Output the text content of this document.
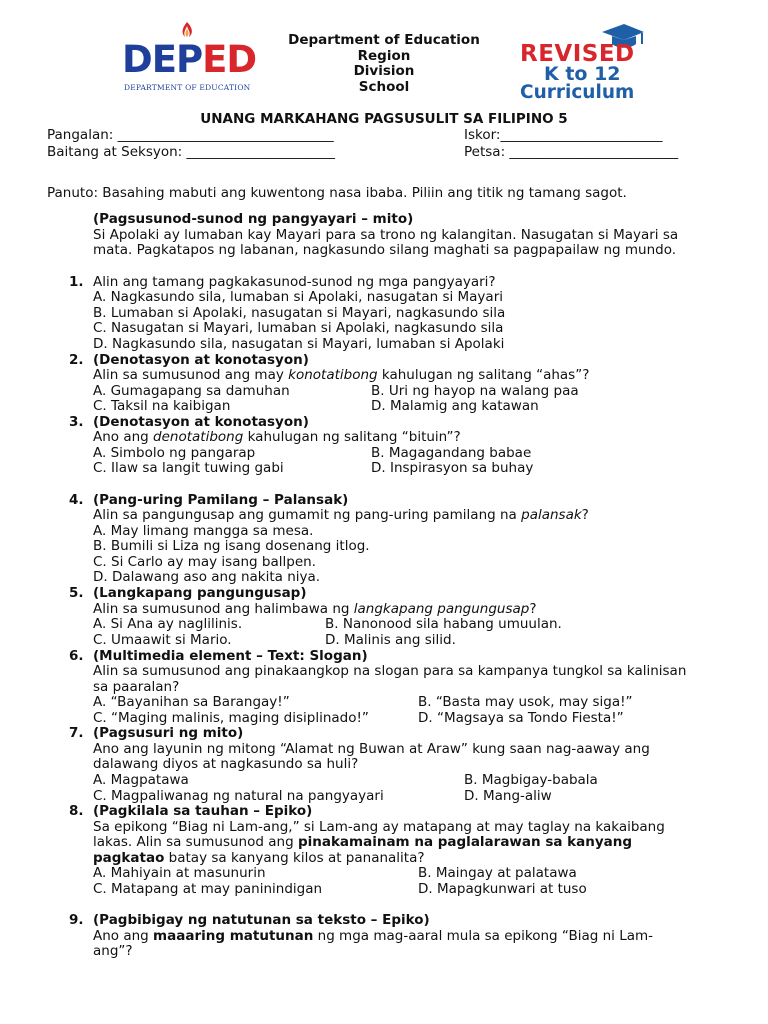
DEPED
DEPARTMENT OF EDUCATION
Department of Education
Region
Division
School
REVISED
K to 12
Curriculum
UNANG MARKAHANG PAGSUSULIT SA FILIPINO 5
Pangalan: ________________________________	Iskor:________________________
Baitang at Seksyon: ______________________	Petsa: _________________________
Panuto: Basahing mabuti ang kuwentong nasa ibaba. Piliin ang titik ng tamang sagot.
(Pagsusunod-sunod ng pangyayari – mito)
Si Apolaki ay lumaban kay Mayari para sa trono ng kalangitan. Nasugatan si Mayari sa
mata. Pagkatapos ng labanan, nagkasundo silang maghati sa pagpapailaw ng mundo.
1. Alin ang tamang pagkakasunod-sunod ng mga pangyayari?
A. Nagkasundo sila, lumaban si Apolaki, nasugatan si Mayari
B. Lumaban si Apolaki, nasugatan si Mayari, nagkasundo sila
C. Nasugatan si Mayari, lumaban si Apolaki, nagkasundo sila
D. Nagkasundo sila, nasugatan si Mayari, lumaban si Apolaki
2. (Denotasyon at konotasyon)
Alin sa sumusunod ang may konotatibong kahulugan ng salitang “ahas”?
A. Gumagapang sa damuhan	B. Uri ng hayop na walang paa
C. Taksil na kaibigan	D. Malamig ang katawan
3. (Denotasyon at konotasyon)
Ano ang denotatibong kahulugan ng salitang “bituin”?
A. Simbolo ng pangarap	B. Magagandang babae
C. Ilaw sa langit tuwing gabi	D. Inspirasyon sa buhay
4. (Pang-uring Pamilang – Palansak)
Alin sa pangungusap ang gumamit ng pang-uring pamilang na palansak?
A. May limang mangga sa mesa.
B. Bumili si Liza ng isang dosenang itlog.
C. Si Carlo ay may isang ballpen.
D. Dalawang aso ang nakita niya.
5. (Langkapang pangungusap)
Alin sa sumusunod ang halimbawa ng langkapang pangungusap?
A. Si Ana ay naglilinis.	B. Nanonood sila habang umuulan.
C. Umaawit si Mario.	D. Malinis ang silid.
6. (Multimedia element – Text: Slogan)
Alin sa sumusunod ang pinakaangkop na slogan para sa kampanya tungkol sa kalinisan
sa paaralan?
A. “Bayanihan sa Barangay!”	B. “Basta may usok, may siga!”
C. “Maging malinis, maging disiplinado!”	D. “Magsaya sa Tondo Fiesta!”
7. (Pagsusuri ng mito)
Ano ang layunin ng mitong “Alamat ng Buwan at Araw” kung saan nag-aaway ang
dalawang diyos at nagkasundo sa huli?
A. Magpatawa	B. Magbigay-babala
C. Magpaliwanag ng natural na pangyayari	D. Mang-aliw
8. (Pagkilala sa tauhan – Epiko)
Sa epikong “Biag ni Lam-ang,” si Lam-ang ay matapang at may taglay na kakaibang
lakas. Alin sa sumusunod ang pinakamainam na paglalarawan sa kanyang
pagkatao batay sa kanyang kilos at pananalita?
A. Mahiyain at masunurin	B. Maingay at palatawa
C. Matapang at may paninindigan	D. Mapagkunwari at tuso
9. (Pagbibigay ng natutunan sa teksto – Epiko)
Ano ang maaaring matutunan ng mga mag-aaral mula sa epikong “Biag ni Lam-
ang”?
